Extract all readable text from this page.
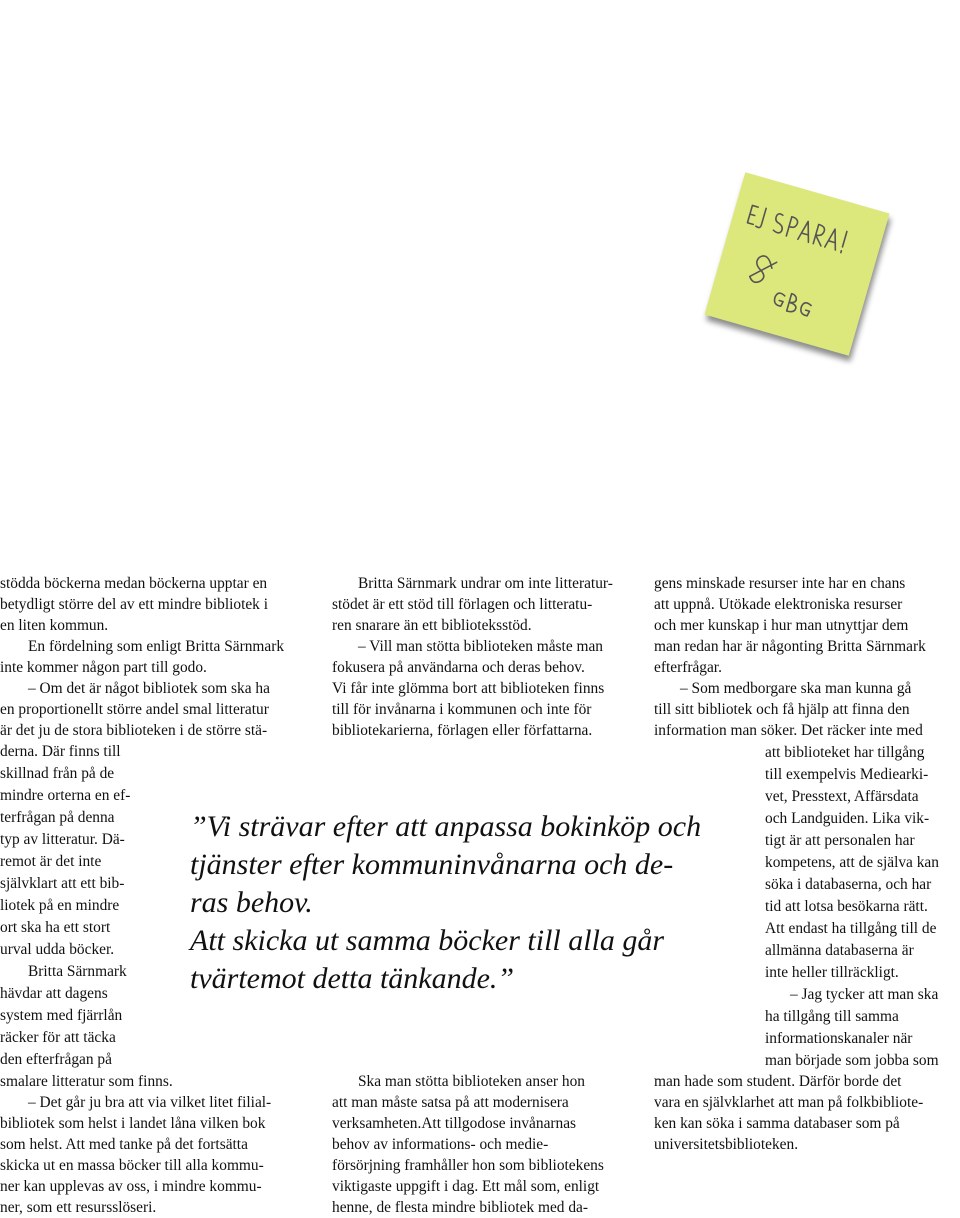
stödda böckerna medan böckerna upptar en
betydligt större del av ett mindre bibliotek i
en liten kommun.
En fördelning som enligt Britta Särnmark
inte kommer någon part till godo.
– Om det är något bibliotek som ska ha
en proportionellt större andel smal litteratur
är det ju de stora biblioteken i de större stä-
derna. Där finns till
skillnad från på de
mindre orterna en ef-
terfrågan på denna
typ av litteratur. Dä-
remot är det inte
självklart att ett bib-
liotek på en mindre
ort ska ha ett stort
urval udda böcker.
Britta Särnmark
hävdar att dagens
system med fjärrlån
räcker för att täcka
den efterfrågan på
smalare litteratur som finns.
– Det går ju bra att via vilket litet filial-
bibliotek som helst i landet låna vilken bok
som helst. Att med tanke på det fortsätta
skicka ut en massa böcker till alla kommu-
ner kan upplevas av oss, i mindre kommu-
ner, som ett resursslöseri.
Britta Särnmark undrar om inte litteratur-
stödet är ett stöd till förlagen och litteratu-
ren snarare än ett biblioteksstöd.
– Vill man stötta biblioteken måste man
fokusera på användarna och deras behov.
Vi får inte glömma bort att biblioteken finns
till för invånarna i kommunen och inte för
bibliotekarierna, förlagen eller författarna.
”Vi strävar efter att anpassa bokinköp och
tjänster efter kommuninvånarna och de-
ras behov.
Att skicka ut samma böcker till alla går
tvärtemot detta tänkande.”
Ska man stötta biblioteken anser hon
att man måste satsa på att modernisera
verksamheten.Att tillgodose invånarnas
behov av informations- och medie-
försörjning framhåller hon som bibliotekens
viktigaste uppgift i dag. Ett mål som, enligt
henne, de flesta mindre bibliotek med da-
gens minskade resurser inte har en chans
att uppnå. Utökade elektroniska resurser
och mer kunskap i hur man utnyttjar dem
man redan har är någonting Britta Särnmark
efterfrågar.
– Som medborgare ska man kunna gå
till sitt bibliotek och få hjälp att finna den
information man söker. Det räcker inte med
att biblioteket har tillgång
till exempelvis Mediearki-
vet, Presstext, Affärsdata
och Landguiden. Lika vik-
tigt är att personalen har
kompetens, att de själva kan
söka i databaserna, och har
tid att lotsa besökarna rätt.
Att endast ha tillgång till de
allmänna databaserna är
inte heller tillräckligt.
– Jag tycker att man ska
ha tillgång till samma
informationskanaler när
man började som jobba som
man hade som student. Därför borde det
vara en självklarhet att man på folkbibliote-
ken kan söka i samma databaser som på
universitetsbiblioteken.
